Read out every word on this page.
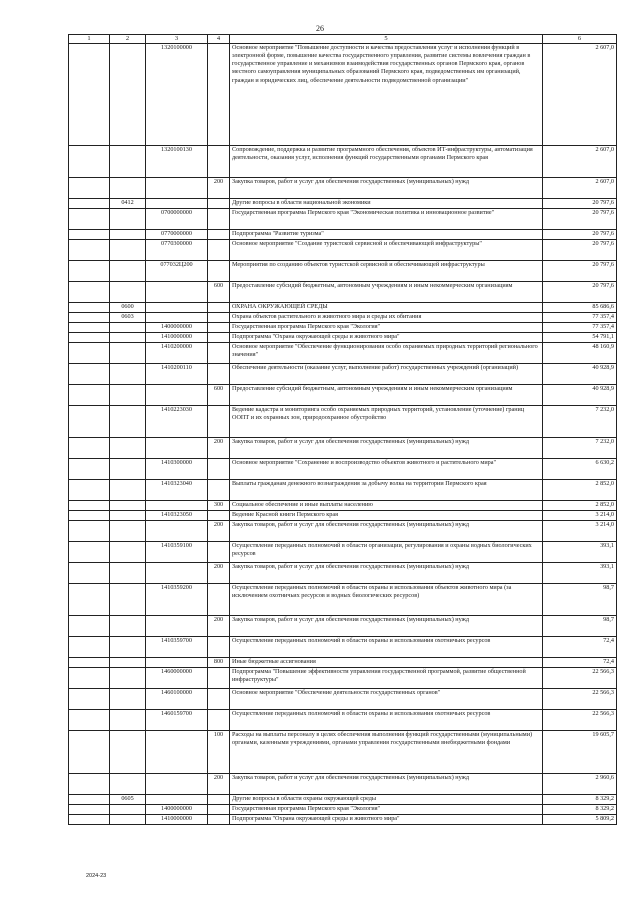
26
1	2	3	4	5	6
		1320100000		Основное мероприятие "Повышение доступности и качества предоставления услуг и исполнения функций в электронной форме, повышение качества государственного управления, развитие системы вовлечения граждан в государственное управление и механизмов взаимодействия государственных органов Пермского края, органов местного самоуправления муниципальных образований Пермского края, подведомственных им организаций, граждан и юридических лиц, обеспечение деятельности подведомственной организации"	2 607,0
		1320100130		Сопровождение, поддержка и развитие программного обеспечения, объектов ИТ-инфраструктуры, автоматизация деятельности, оказания услуг, исполнения функций государственными органами Пермского края	2 607,0
			200	Закупка товаров, работ и услуг для обеспечения государственных (муниципальных) нужд	2 607,0
	0412			Другие вопросы в области национальной экономики	20 797,6
		0700000000		Государственная программа Пермского края "Экономическая политика и инновационное развитие"	20 797,6
		0770000000		Подпрограмма "Развитие туризма"	20 797,6
		0770300000		Основное мероприятие "Создание туристской сервисной и обеспечивающей инфраструктуры"	20 797,6
		077032Ц200		Мероприятия по созданию объектов туристской сервисной и обеспечивающей инфраструктуры	20 797,6
			600	Предоставление субсидий бюджетным, автономным учреждениям и иным некоммерческим организациям	20 797,6
	0600			ОХРАНА ОКРУЖАЮЩЕЙ СРЕДЫ	85 686,6
	0603			Охрана объектов растительного и животного мира и среды их обитания	77 357,4
		1400000000		Государственная программа Пермского края "Экология"	77 357,4
		1410000000		Подпрограмма "Охрана окружающей среды и животного мира"	54 791,1
		1410200000		Основное мероприятие "Обеспечение функционирования особо охраняемых природных территорий регионального значения"	48 160,9
		1410200110		Обеспечение деятельности (оказание услуг, выполнение работ) государственных учреждений (организаций)	40 928,9
			600	Предоставление субсидий бюджетным, автономным учреждениям и иным некоммерческим организациям	40 928,9
		1410223030		Ведение кадастра и мониторинга особо охраняемых природных территорий, установление (уточнение) границ ООПТ и их охранных зон, природоохранное обустройство	7 232,0
			200	Закупка товаров, работ и услуг для обеспечения государственных (муниципальных) нужд	7 232,0
		1410300000		Основное мероприятие "Сохранение и воспроизводство объектов животного и растительного мира"	6 630,2
		1410323040		Выплаты гражданам денежного вознаграждения за добычу волка на территории Пермского края	2 852,0
			300	Социальное обеспечение и иные выплаты населению	2 852,0
		1410323050		Ведение Красной книги Пермского края	3 214,0
			200	Закупка товаров, работ и услуг для обеспечения государственных (муниципальных) нужд	3 214,0
		1410359100		Осуществление переданных полномочий в области организации, регулирования и охраны водных биологических ресурсов	393,1
			200	Закупка товаров, работ и услуг для обеспечения государственных (муниципальных) нужд	393,1
		1410359200		Осуществление переданных полномочий в области охраны и использования объектов животного мира (за исключением охотничьих ресурсов и водных биологических ресурсов)	98,7
			200	Закупка товаров, работ и услуг для обеспечения государственных (муниципальных) нужд	98,7
		1410359700		Осуществление переданных полномочий в области охраны и использования охотничьих ресурсов	72,4
			800	Иные бюджетные ассигнования	72,4
		1460000000		Подпрограмма "Повышение эффективности управления государственной программой, развитие общественной инфраструктуры"	22 566,3
		1460100000		Основное мероприятие "Обеспечение деятельности государственных органов"	22 566,3
		1460159700		Осуществление переданных полномочий в области охраны и использования охотничьих ресурсов	22 566,3
			100	Расходы на выплаты персоналу в целях обеспечения выполнения функций государственными (муниципальными) органами, казенными учреждениями, органами управления государственными внебюджетными фондами	19 605,7
			200	Закупка товаров, работ и услуг для обеспечения государственных (муниципальных) нужд	2 960,6
	0605			Другие вопросы в области охраны окружающей среды	8 329,2
		1400000000		Государственная программа Пермского края "Экология"	8 329,2
		1410000000		Подпрограмма "Охрана окружающей среды и животного мира"	5 809,2
2024-23
